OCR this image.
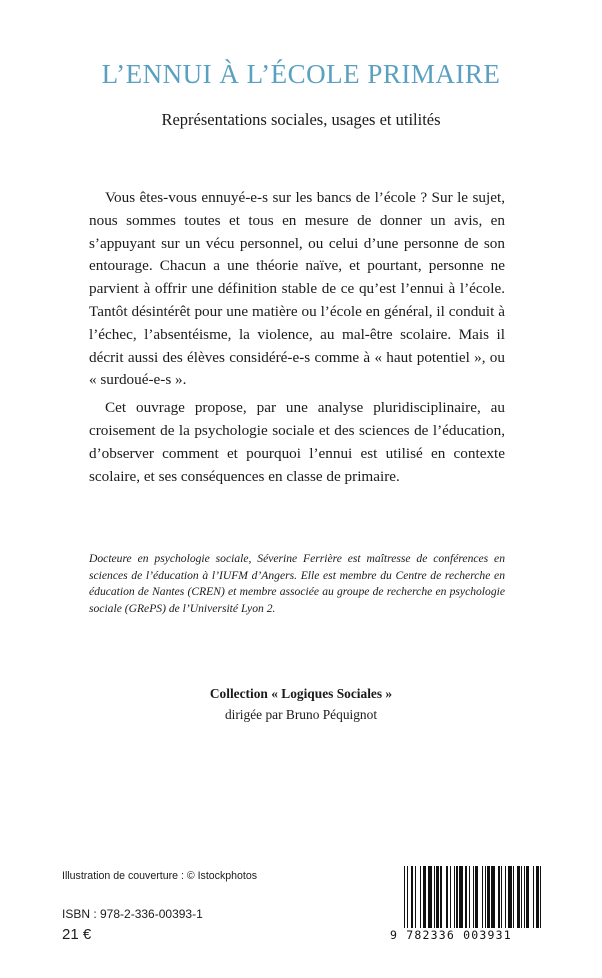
L’ENNUI À L’ÉCOLE PRIMAIRE
Représentations sociales, usages et utilités

Vous êtes-vous ennuyé-e-s sur les bancs de l’école ? Sur le sujet, nous sommes toutes et tous en mesure de donner un avis, en s’appuyant sur un vécu personnel, ou celui d’une personne de son entourage. Chacun a une théorie naïve, et pourtant, personne ne parvient à offrir une définition stable de ce qu’est l’ennui à l’école. Tantôt désintérêt pour une matière ou l’école en général, il conduit à l’échec, l’absentéisme, la violence, au mal-être scolaire. Mais il décrit aussi des élèves considéré-e-s comme à « haut potentiel », ou « surdoué-e-s ».

Cet ouvrage propose, par une analyse pluridisciplinaire, au croisement de la psychologie sociale et des sciences de l’éducation, d’observer comment et pourquoi l’ennui est utilisé en contexte scolaire, et ses conséquences en classe de primaire.

Docteure en psychologie sociale, Séverine Ferrière est maîtresse de conférences en sciences de l’éducation à l’IUFM d’Angers. Elle est membre du Centre de recherche en éducation de Nantes (CREN) et membre associée au groupe de recherche en psychologie sociale (GRePS) de l’Université Lyon 2.
Collection « Logiques Sociales »
dirigée par Bruno Péquignot
Illustration de couverture : © Istockphotos
ISBN : 978-2-336-00393-1
21 €	9 782336 003931
